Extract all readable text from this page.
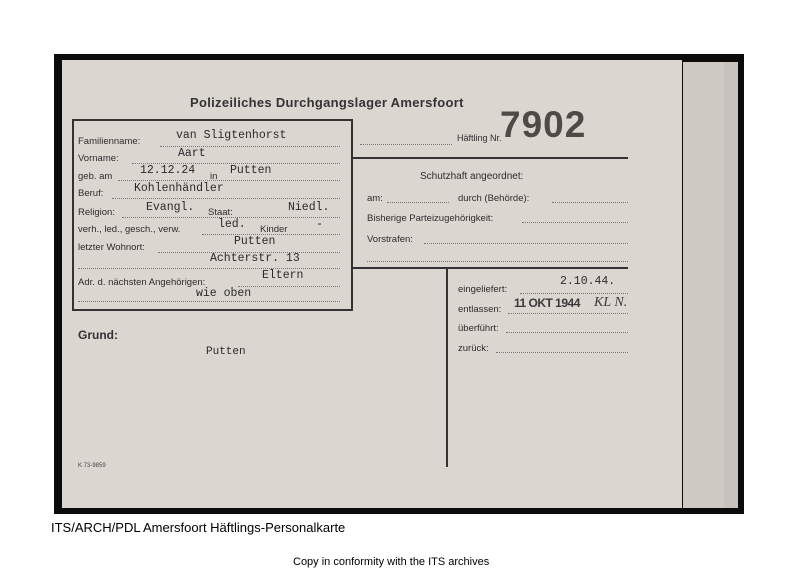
Polizeiliches Durchgangslager Amersfoort
Häftling Nr.
7902
Familienname:	van Sligtenhorst
Vorname:	Aart
geb. am 12.12.24 in Putten
Beruf:	Kohlenhändler
Religion:	Evangl. Staat:	Niedl.
verh., led., gesch., verw.	led. Kinder -
letzter Wohnort:	Putten
Achterstr. 13
Adr. d. nächsten Angehörigen:
Eltern
wie oben
Schutzhaft angeordnet:
am:	durch (Behörde):
Bisherige Parteizugehörigkeit:
Vorstrafen:
eingeliefert:
2.10.44.
entlassen: 11 OKT 1944 KL N.
überführt:
zurück:
Grund:
Putten
K 73-9859
ITS/ARCH/PDL Amersfoort Häftlings-Personalkarte
Copy in conformity with the ITS archives
